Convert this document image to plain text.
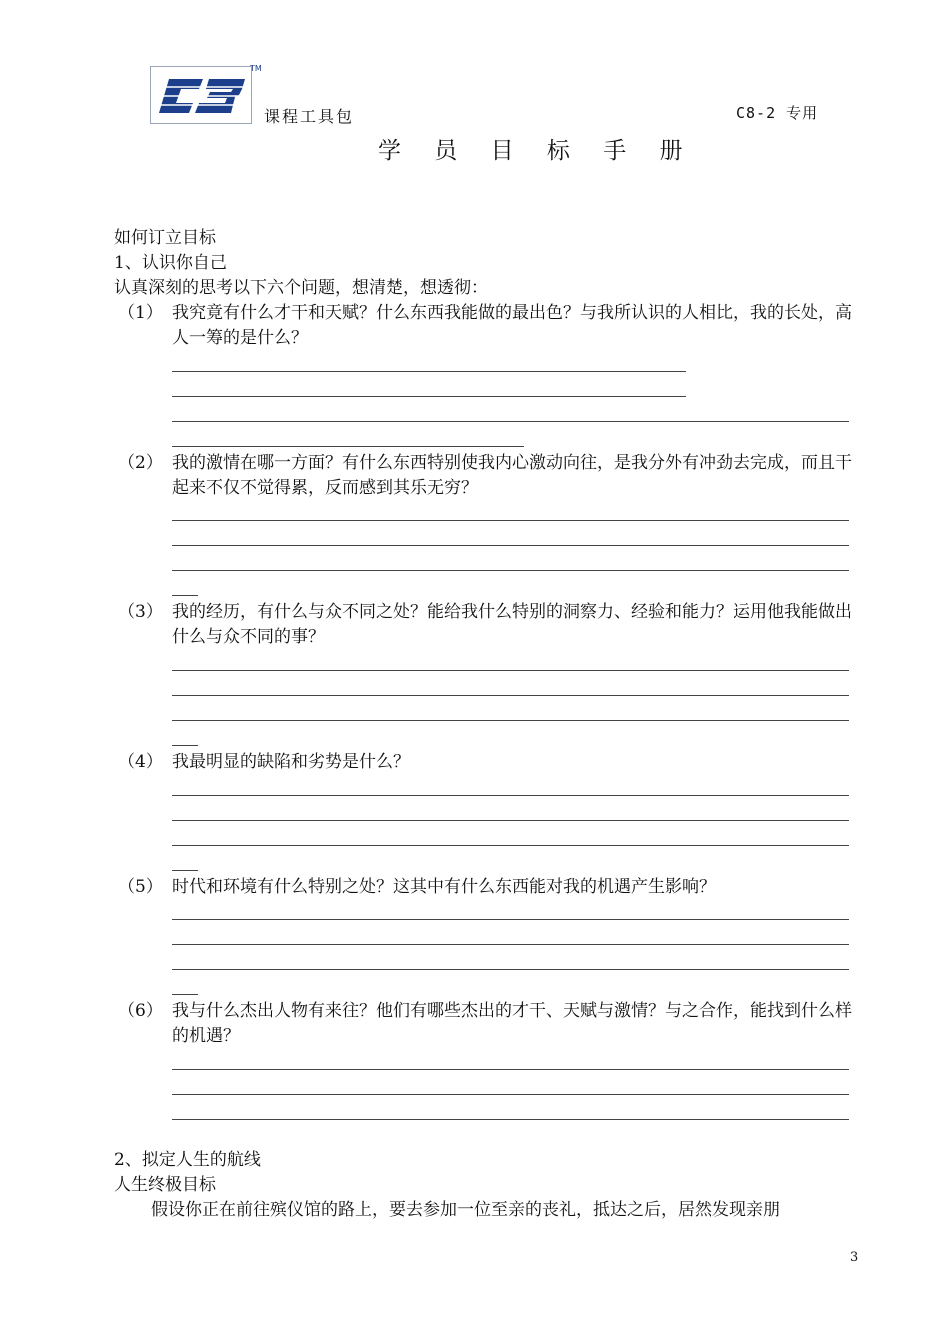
TM
课程工具包	C8-2 专用
学 员 目 标 手 册
如何订立目标
1、认识你自己
认真深刻的思考以下六个问题，想清楚，想透彻：
（1） 我究竟有什么才干和天赋？什么东西我能做的最出色？与我所认识的人相比，我的长处，高人一筹的是什么？
（2） 我的激情在哪一方面？有什么东西特别使我内心激动向往，是我分外有冲劲去完成，而且干起来不仅不觉得累，反而感到其乐无穷？
（3） 我的经历，有什么与众不同之处？能给我什么特别的洞察力、经验和能力？运用他我能做出什么与众不同的事？
（4） 我最明显的缺陷和劣势是什么？
（5） 时代和环境有什么特别之处？这其中有什么东西能对我的机遇产生影响？
（6） 我与什么杰出人物有来往？他们有哪些杰出的才干、天赋与激情？与之合作，能找到什么样的机遇？
2、拟定人生的航线
人生终极目标
假设你正在前往殡仪馆的路上，要去参加一位至亲的丧礼，抵达之后，居然发现亲朋
3
